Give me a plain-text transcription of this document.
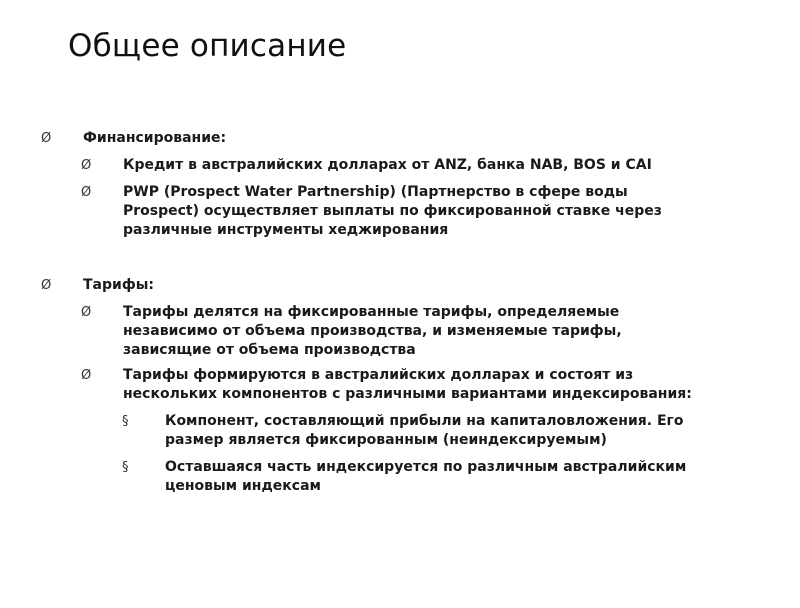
Общее описание
Ø Финансирование:
Ø Кредит в австралийских долларах от ANZ, банка NAB, BOS и CAI
Ø PWP (Prospect Water Partnership) (Партнерство в сфере воды
Prospect) осуществляет выплаты по фиксированной ставке через
различные инструменты хеджирования
Ø Тарифы:
Ø Тарифы делятся на фиксированные тарифы, определяемые
независимо от объема производства, и изменяемые тарифы,
зависящие от объема производства
Ø Тарифы формируются в австралийских долларах и состоят из
нескольких компонентов с различными вариантами индексирования:
§	Компонент, составляющий прибыли на капиталовложения. Его
размер является фиксированным (неиндексируемым)
§	Оставшаяся часть индексируется по различным австралийским
ценовым индексам
